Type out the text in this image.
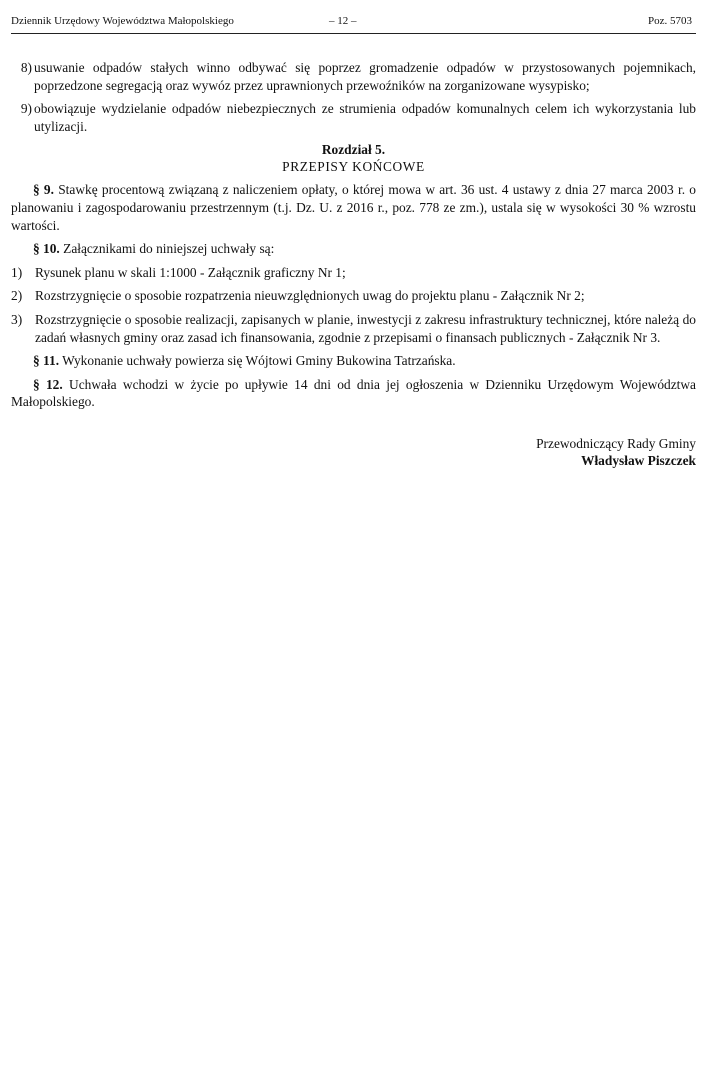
Dziennik Urzędowy Województwa Małopolskiego	– 12 –	Poz. 5703
8) usuwanie odpadów stałych winno odbywać się poprzez gromadzenie odpadów w przystosowanych pojemnikach, poprzedzone segregacją oraz wywóz przez uprawnionych przewoźników na zorganizowane wysypisko;
9) obowiązuje wydzielanie odpadów niebezpiecznych ze strumienia odpadów komunalnych celem ich wykorzystania lub utylizacji.
Rozdział 5.
PRZEPISY KOŃCOWE
§ 9. Stawkę procentową związaną z naliczeniem opłaty, o której mowa w art. 36 ust. 4 ustawy z dnia 27 marca 2003 r. o planowaniu i zagospodarowaniu przestrzennym (t.j. Dz. U. z 2016 r., poz. 778 ze zm.), ustala się w wysokości 30 % wzrostu wartości.
§ 10. Załącznikami do niniejszej uchwały są:
1) Rysunek planu w skali 1:1000 - Załącznik graficzny Nr 1;
2) Rozstrzygnięcie o sposobie rozpatrzenia nieuwzględnionych uwag do projektu planu - Załącznik Nr 2;
3) Rozstrzygnięcie o sposobie realizacji, zapisanych w planie, inwestycji z zakresu infrastruktury technicznej, które należą do zadań własnych gminy oraz zasad ich finansowania, zgodnie z przepisami o finansach publicznych - Załącznik Nr 3.
§ 11. Wykonanie uchwały powierza się Wójtowi Gminy Bukowina Tatrzańska.
§ 12. Uchwała wchodzi w życie po upływie 14 dni od dnia jej ogłoszenia w Dzienniku Urzędowym Województwa Małopolskiego.
Przewodniczący Rady Gminy
Władysław Piszczek
